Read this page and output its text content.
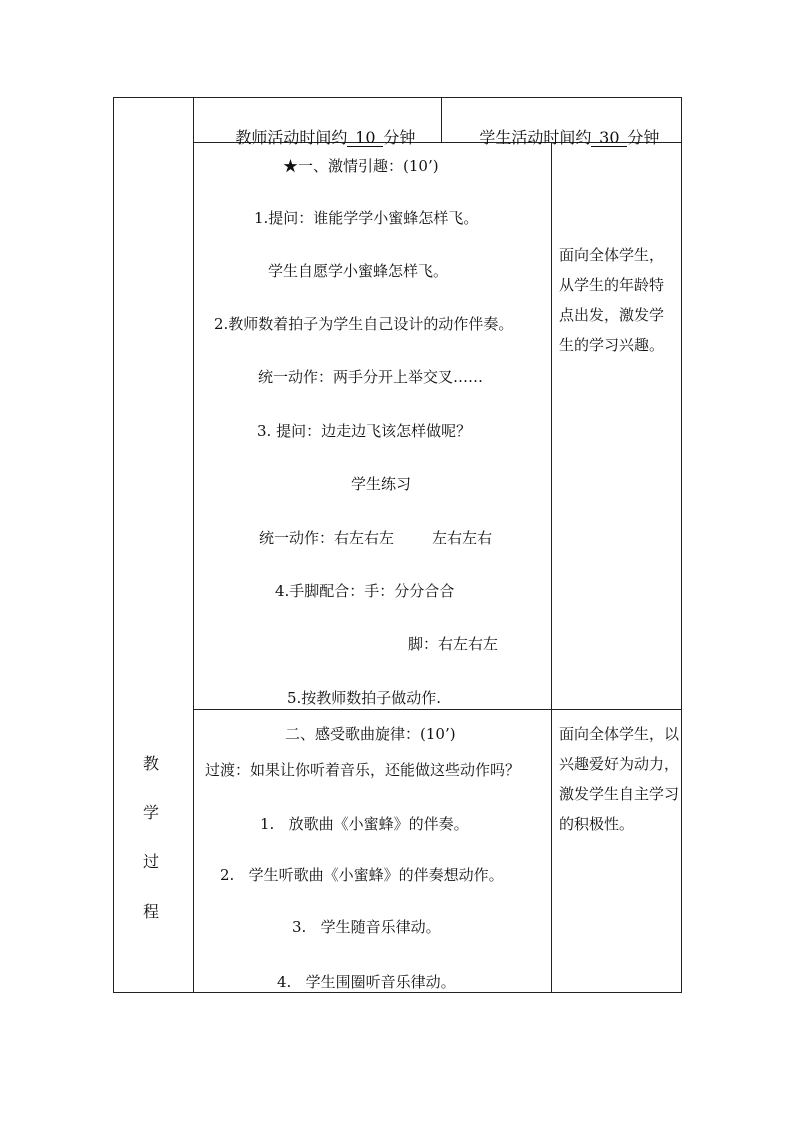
教
学
过
程

教师活动时间约 10 分钟
	学生活动时间约 30 分钟

★一、激情引趣：(10’)
1.提问：谁能学学小蜜蜂怎样飞。
学生自愿学小蜜蜂怎样飞。
2.教师数着拍子为学生自己设计的动作伴奏。
统一动作：两手分开上举交叉……
3. 提问：边走边飞该怎样做呢？
学生练习
统一动作：右左右左        左右左右
4.手脚配合：手：分分合合
脚：右左右左
5.按教师数拍子做动作.
面向全体学生，从学生的年龄特点出发，激发学生的学习兴趣。
二、感受歌曲旋律：(10’)
过渡：如果让你听着音乐，还能做这些动作吗？
1.   放歌曲《小蜜蜂》的伴奏。
2.   学生听歌曲《小蜜蜂》的伴奏想动作。
3.   学生随音乐律动。
4.   学生围圈听音乐律动。
面向全体学生，以兴趣爱好为动力，激发学生自主学习的积极性。
